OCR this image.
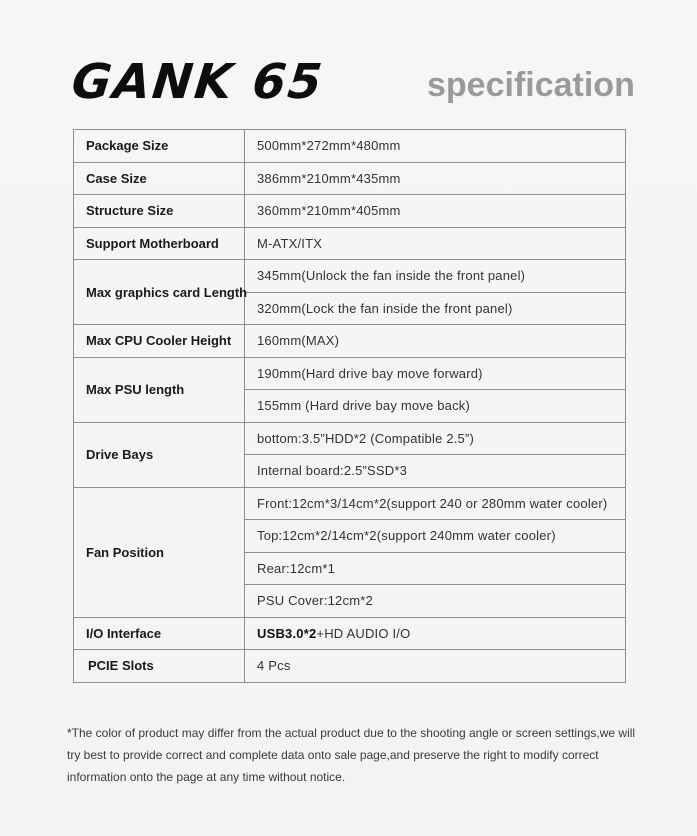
GANK 65	specification
Package Size	500mm*272mm*480mm
Case Size	386mm*210mm*435mm
Structure Size	360mm*210mm*405mm
Support Motherboard	M-ATX/ITX
Max graphics card Length	345mm(Unlock the fan inside the front panel)
	320mm(Lock the fan inside the front panel)
Max CPU Cooler Height	160mm(MAX)
Max PSU length	190mm(Hard drive bay move forward)
	155mm (Hard drive bay move back)
Drive Bays	bottom:3.5”HDD*2 (Compatible 2.5”)
	Internal board:2.5”SSD*3
Fan Position	Front:12cm*3/14cm*2(support 240 or 280mm water cooler)
	Top:12cm*2/14cm*2(support 240mm water cooler)
	Rear:12cm*1
	PSU Cover:12cm*2
I/O Interface	USB3.0*2+HD AUDIO I/O
PCIE Slots	4 Pcs
*The color of product may differ from the actual product due to the shooting angle or screen settings,we will try best to provide correct and complete data onto sale page,and preserve the right to modify correct information onto the page at any time without notice.
